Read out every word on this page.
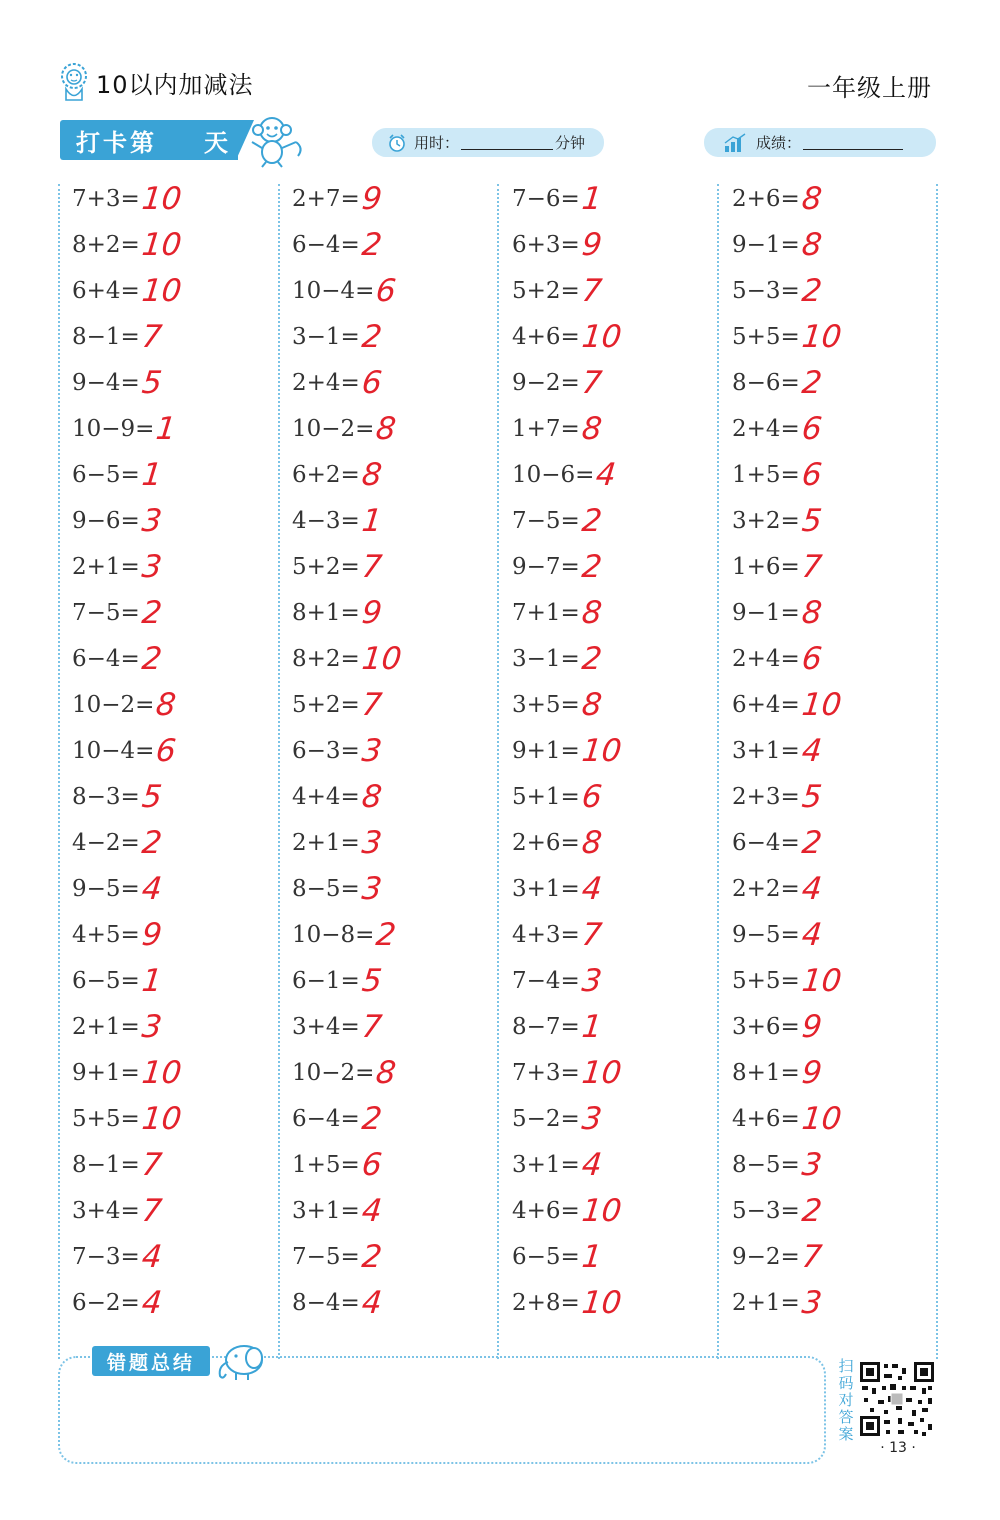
10以内加减法	一年级上册
打卡第 天	用时：	分钟	成绩：
7+3= 10
8+2= 10
6+4= 10
8−1= 7
9−4= 5
10−9= 1
6−5= 1
9−6= 3
2+1= 3
7−5= 2
6−4= 2
10−2= 8
10−4= 6
8−3= 5
4−2= 2
9−5= 4
4+5= 9
6−5= 1
2+1= 3
9+1= 10
5+5= 10
8−1= 7
3+4= 7
7−3= 4
6−2= 4
2+7= 9
6−4= 2
10−4= 6
3−1= 2
2+4= 6
10−2= 8
6+2= 8
4−3= 1
5+2= 7
8+1= 9
8+2= 10
5+2= 7
6−3= 3
4+4= 8
2+1= 3
8−5= 3
10−8= 2
6−1= 5
3+4= 7
10−2= 8
6−4= 2
1+5= 6
3+1= 4
7−5= 2
8−4= 4
7−6= 1
6+3= 9
5+2= 7
4+6= 10
9−2= 7
1+7= 8
10−6= 4
7−5= 2
9−7= 2
7+1= 8
3−1= 2
3+5= 8
9+1= 10
5+1= 6
2+6= 8
3+1= 4
4+3= 7
7−4= 3
8−7= 1
7+3= 10
5−2= 3
3+1= 4
4+6= 10
6−5= 1
2+8= 10
2+6= 8
9−1= 8
5−3= 2
5+5= 10
8−6= 2
2+4= 6
1+5= 6
3+2= 5
1+6= 7
9−1= 8
2+4= 6
6+4= 10
3+1= 4
2+3= 5
6−4= 2
2+2= 4
9−5= 4
5+5= 10
3+6= 9
8+1= 9
4+6= 10
8−5= 3
5−3= 2
9−2= 7
2+1= 3
错题总结	扫码对答案
· 13 ·
